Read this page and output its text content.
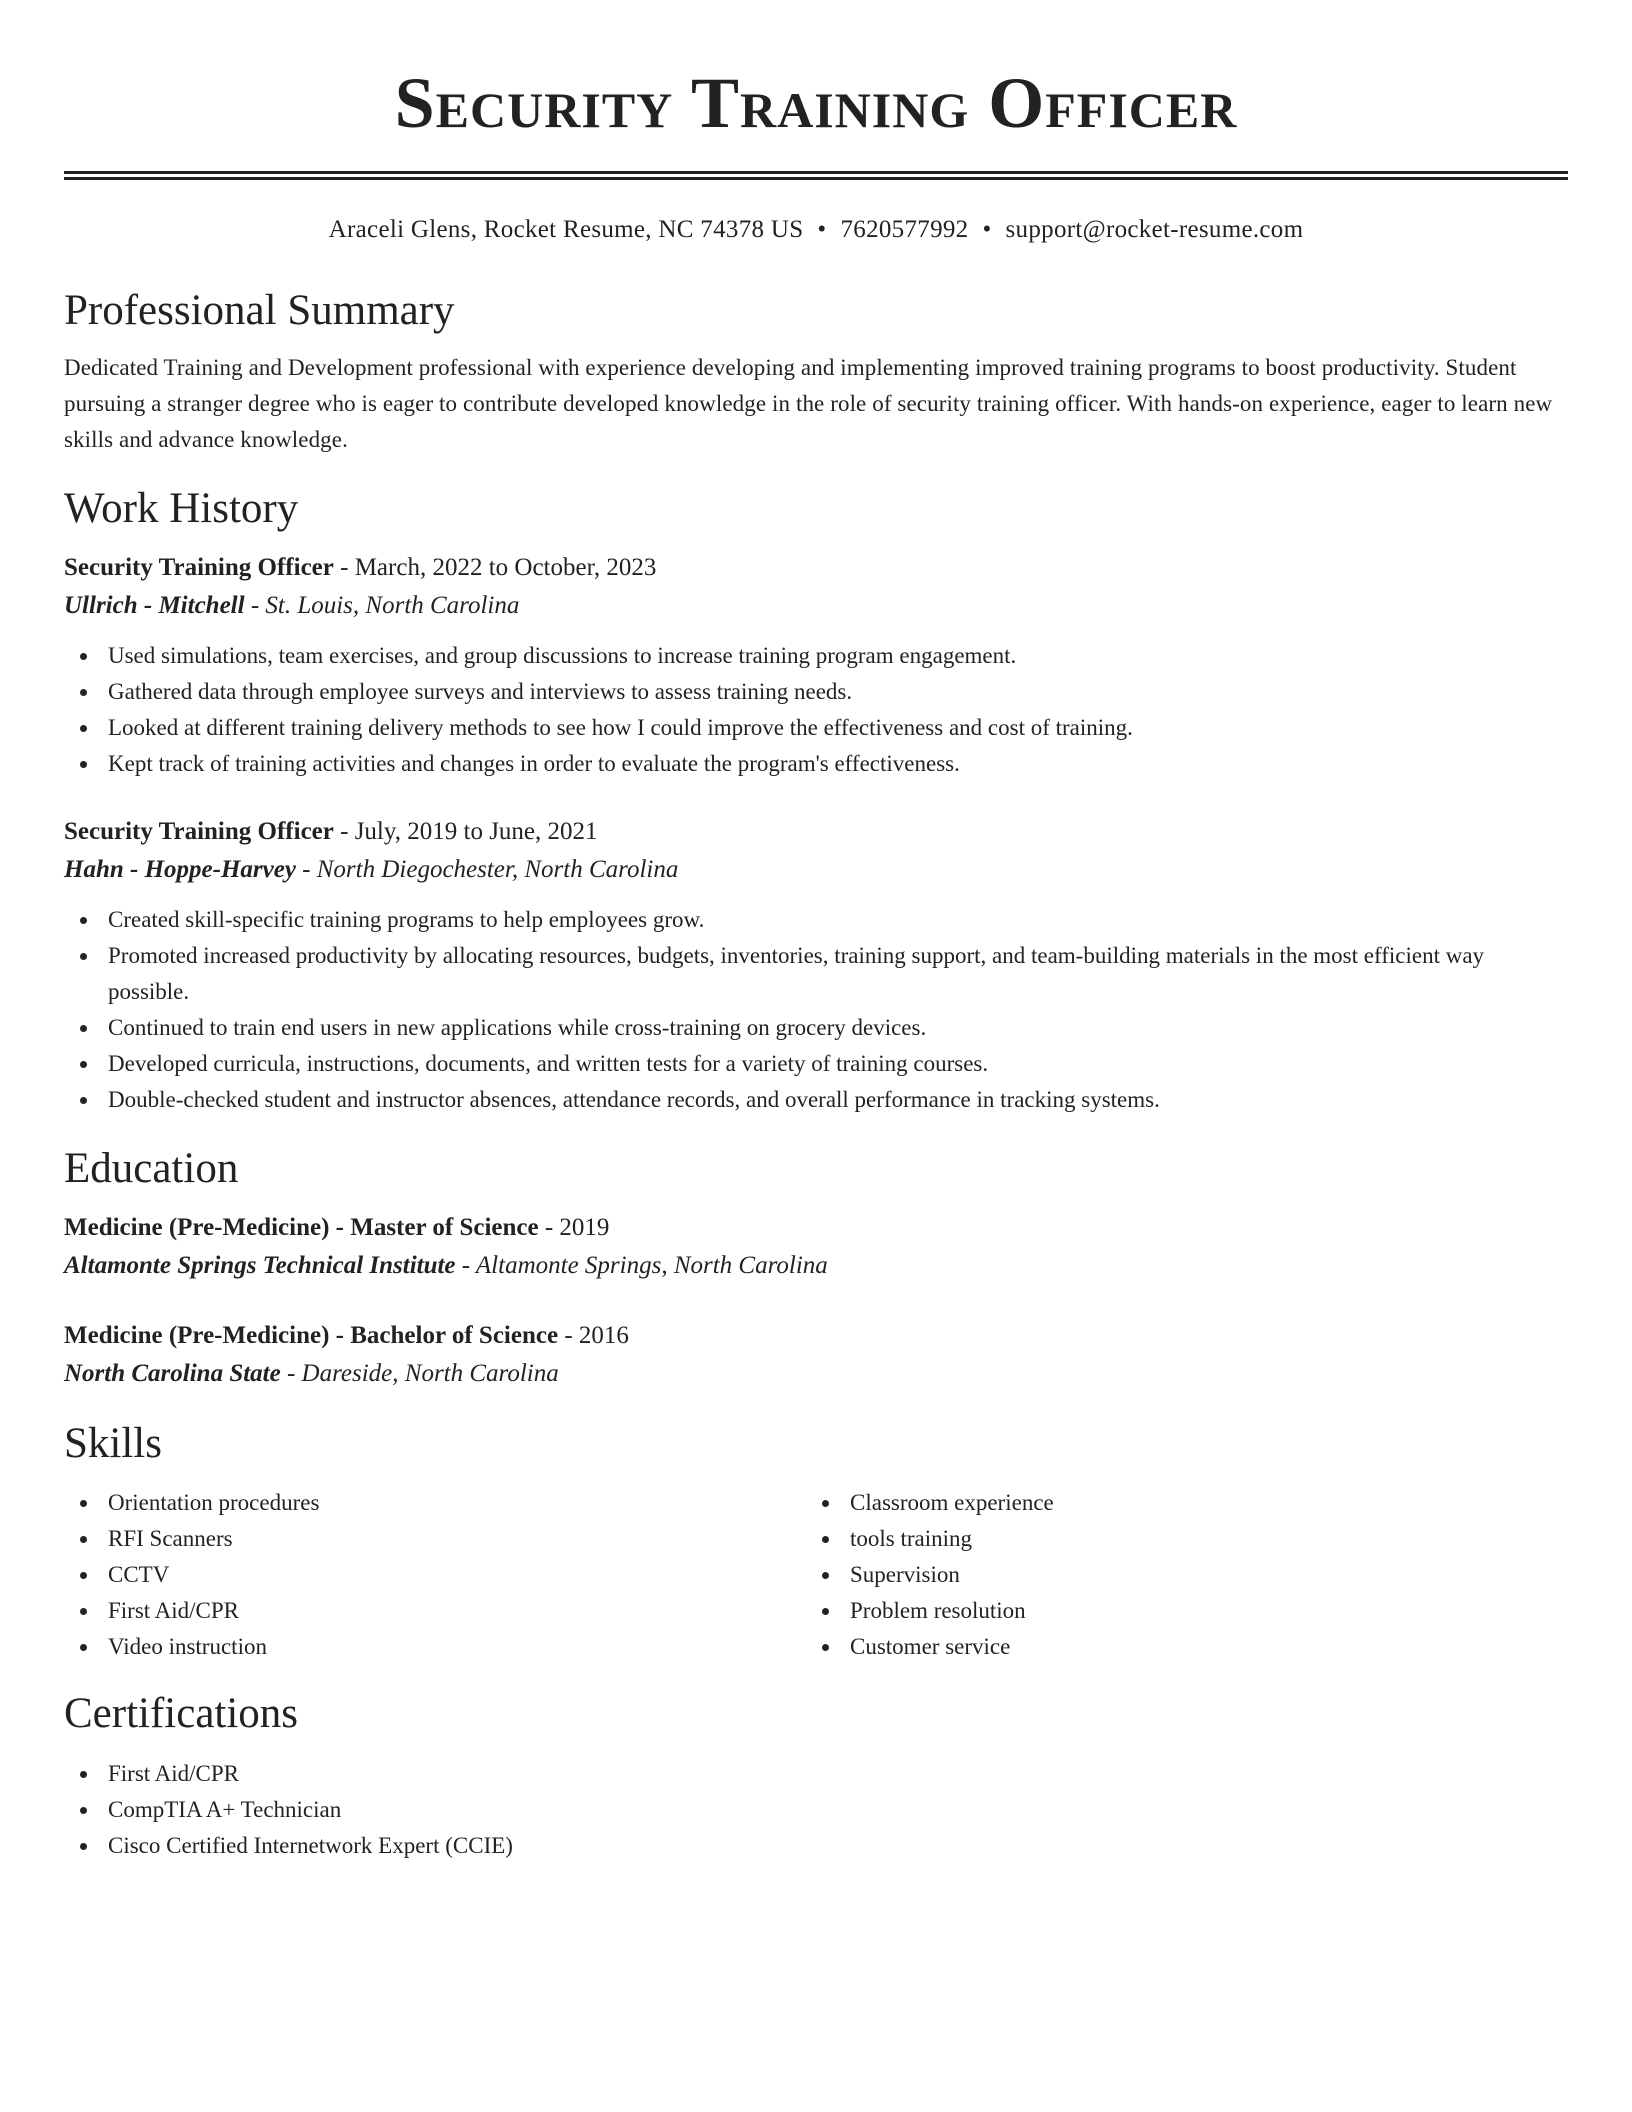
Security Training Officer
Araceli Glens, Rocket Resume, NC 74378 US • 7620577992 • support@rocket-resume.com
Professional Summary
Dedicated Training and Development professional with experience developing and implementing improved training programs to boost productivity. Student pursuing a stranger degree who is eager to contribute developed knowledge in the role of security training officer. With hands-on experience, eager to learn new skills and advance knowledge.
Work History
Security Training Officer - March, 2022 to October, 2023
Ullrich - Mitchell - St. Louis, North Carolina
Used simulations, team exercises, and group discussions to increase training program engagement.
Gathered data through employee surveys and interviews to assess training needs.
Looked at different training delivery methods to see how I could improve the effectiveness and cost of training.
Kept track of training activities and changes in order to evaluate the program's effectiveness.
Security Training Officer - July, 2019 to June, 2021
Hahn - Hoppe-Harvey - North Diegochester, North Carolina
Created skill-specific training programs to help employees grow.
Promoted increased productivity by allocating resources, budgets, inventories, training support, and team-building materials in the most efficient way possible.
Continued to train end users in new applications while cross-training on grocery devices.
Developed curricula, instructions, documents, and written tests for a variety of training courses.
Double-checked student and instructor absences, attendance records, and overall performance in tracking systems.
Education
Medicine (Pre-Medicine) - Master of Science - 2019
Altamonte Springs Technical Institute - Altamonte Springs, North Carolina
Medicine (Pre-Medicine) - Bachelor of Science - 2016
North Carolina State - Dareside, North Carolina
Skills
Orientation procedures
RFI Scanners
CCTV
First Aid/CPR
Video instruction
Classroom experience
tools training
Supervision
Problem resolution
Customer service
Certifications
First Aid/CPR
CompTIA A+ Technician
Cisco Certified Internetwork Expert (CCIE)
